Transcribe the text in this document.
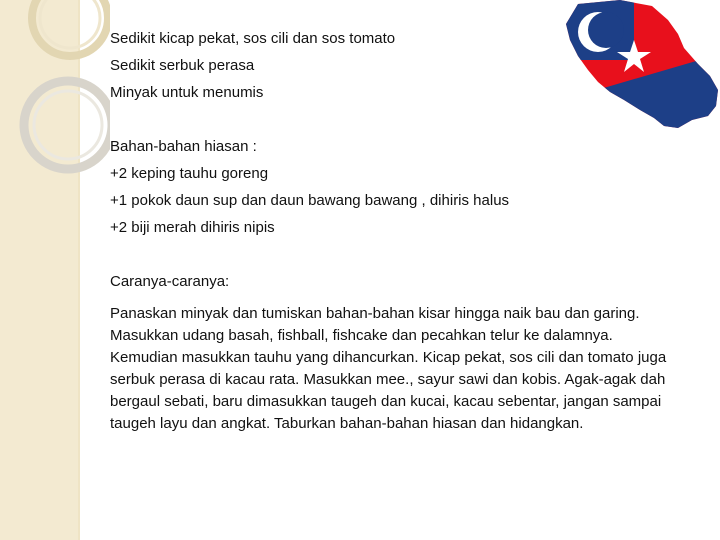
Sedikit kicap pekat, sos cili dan sos tomato
Sedikit serbuk perasa
Minyak untuk menumis
Bahan-bahan hiasan :
+2 keping tauhu goreng
+1 pokok daun sup dan daun bawang bawang , dihiris halus
+2 biji merah dihiris nipis
Caranya-caranya:
Panaskan minyak dan tumiskan bahan-bahan kisar hingga naik bau dan garing. Masukkan udang basah, fishball, fishcake dan pecahkan telur ke dalamnya. Kemudian masukkan tauhu yang dihancurkan. Kicap pekat, sos cili dan tomato juga serbuk perasa di kacau rata. Masukkan mee., sayur sawi dan kobis. Agak-agak dah bergaul sebati, baru dimasukkan taugeh dan kucai, kacau sebentar, jangan sampai taugeh layu dan angkat. Taburkan bahan-bahan hiasan dan hidangkan.
